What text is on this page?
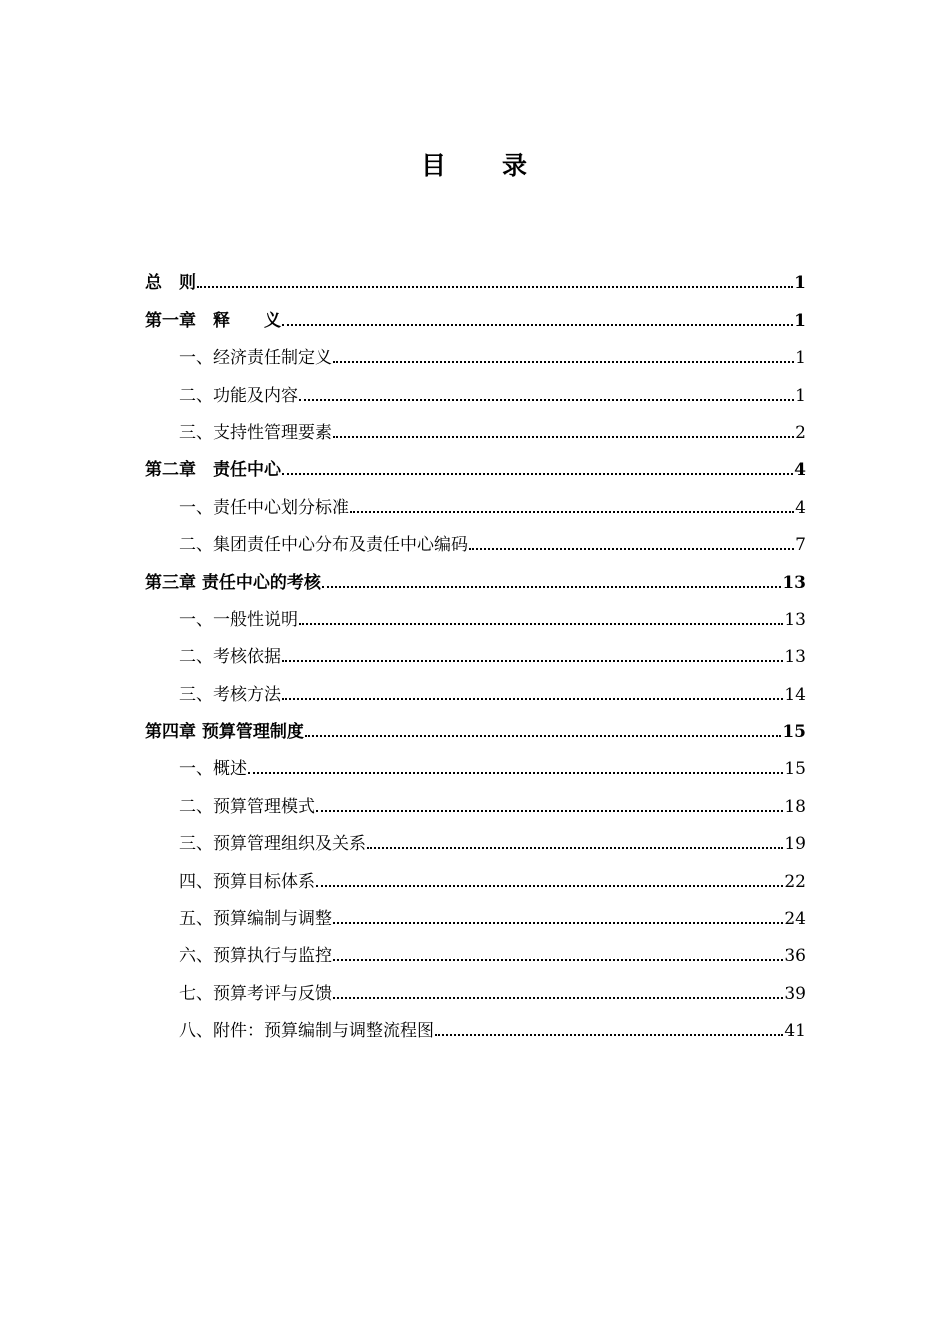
目　　录
总　则	1
第一章　释　　义	1
一、经济责任制定义	1
二、功能及内容	1
三、支持性管理要素	2
第二章　责任中心	4
一、责任中心划分标准	4
二、集团责任中心分布及责任中心编码	7
第三章 责任中心的考核	13
一、一般性说明	13
二、考核依据	13
三、考核方法	14
第四章 预算管理制度	15
一、概述	15
二、预算管理模式	18
三、预算管理组织及关系	19
四、预算目标体系	22
五、预算编制与调整	24
六、预算执行与监控	36
七、预算考评与反馈	39
八、附件：预算编制与调整流程图	41
